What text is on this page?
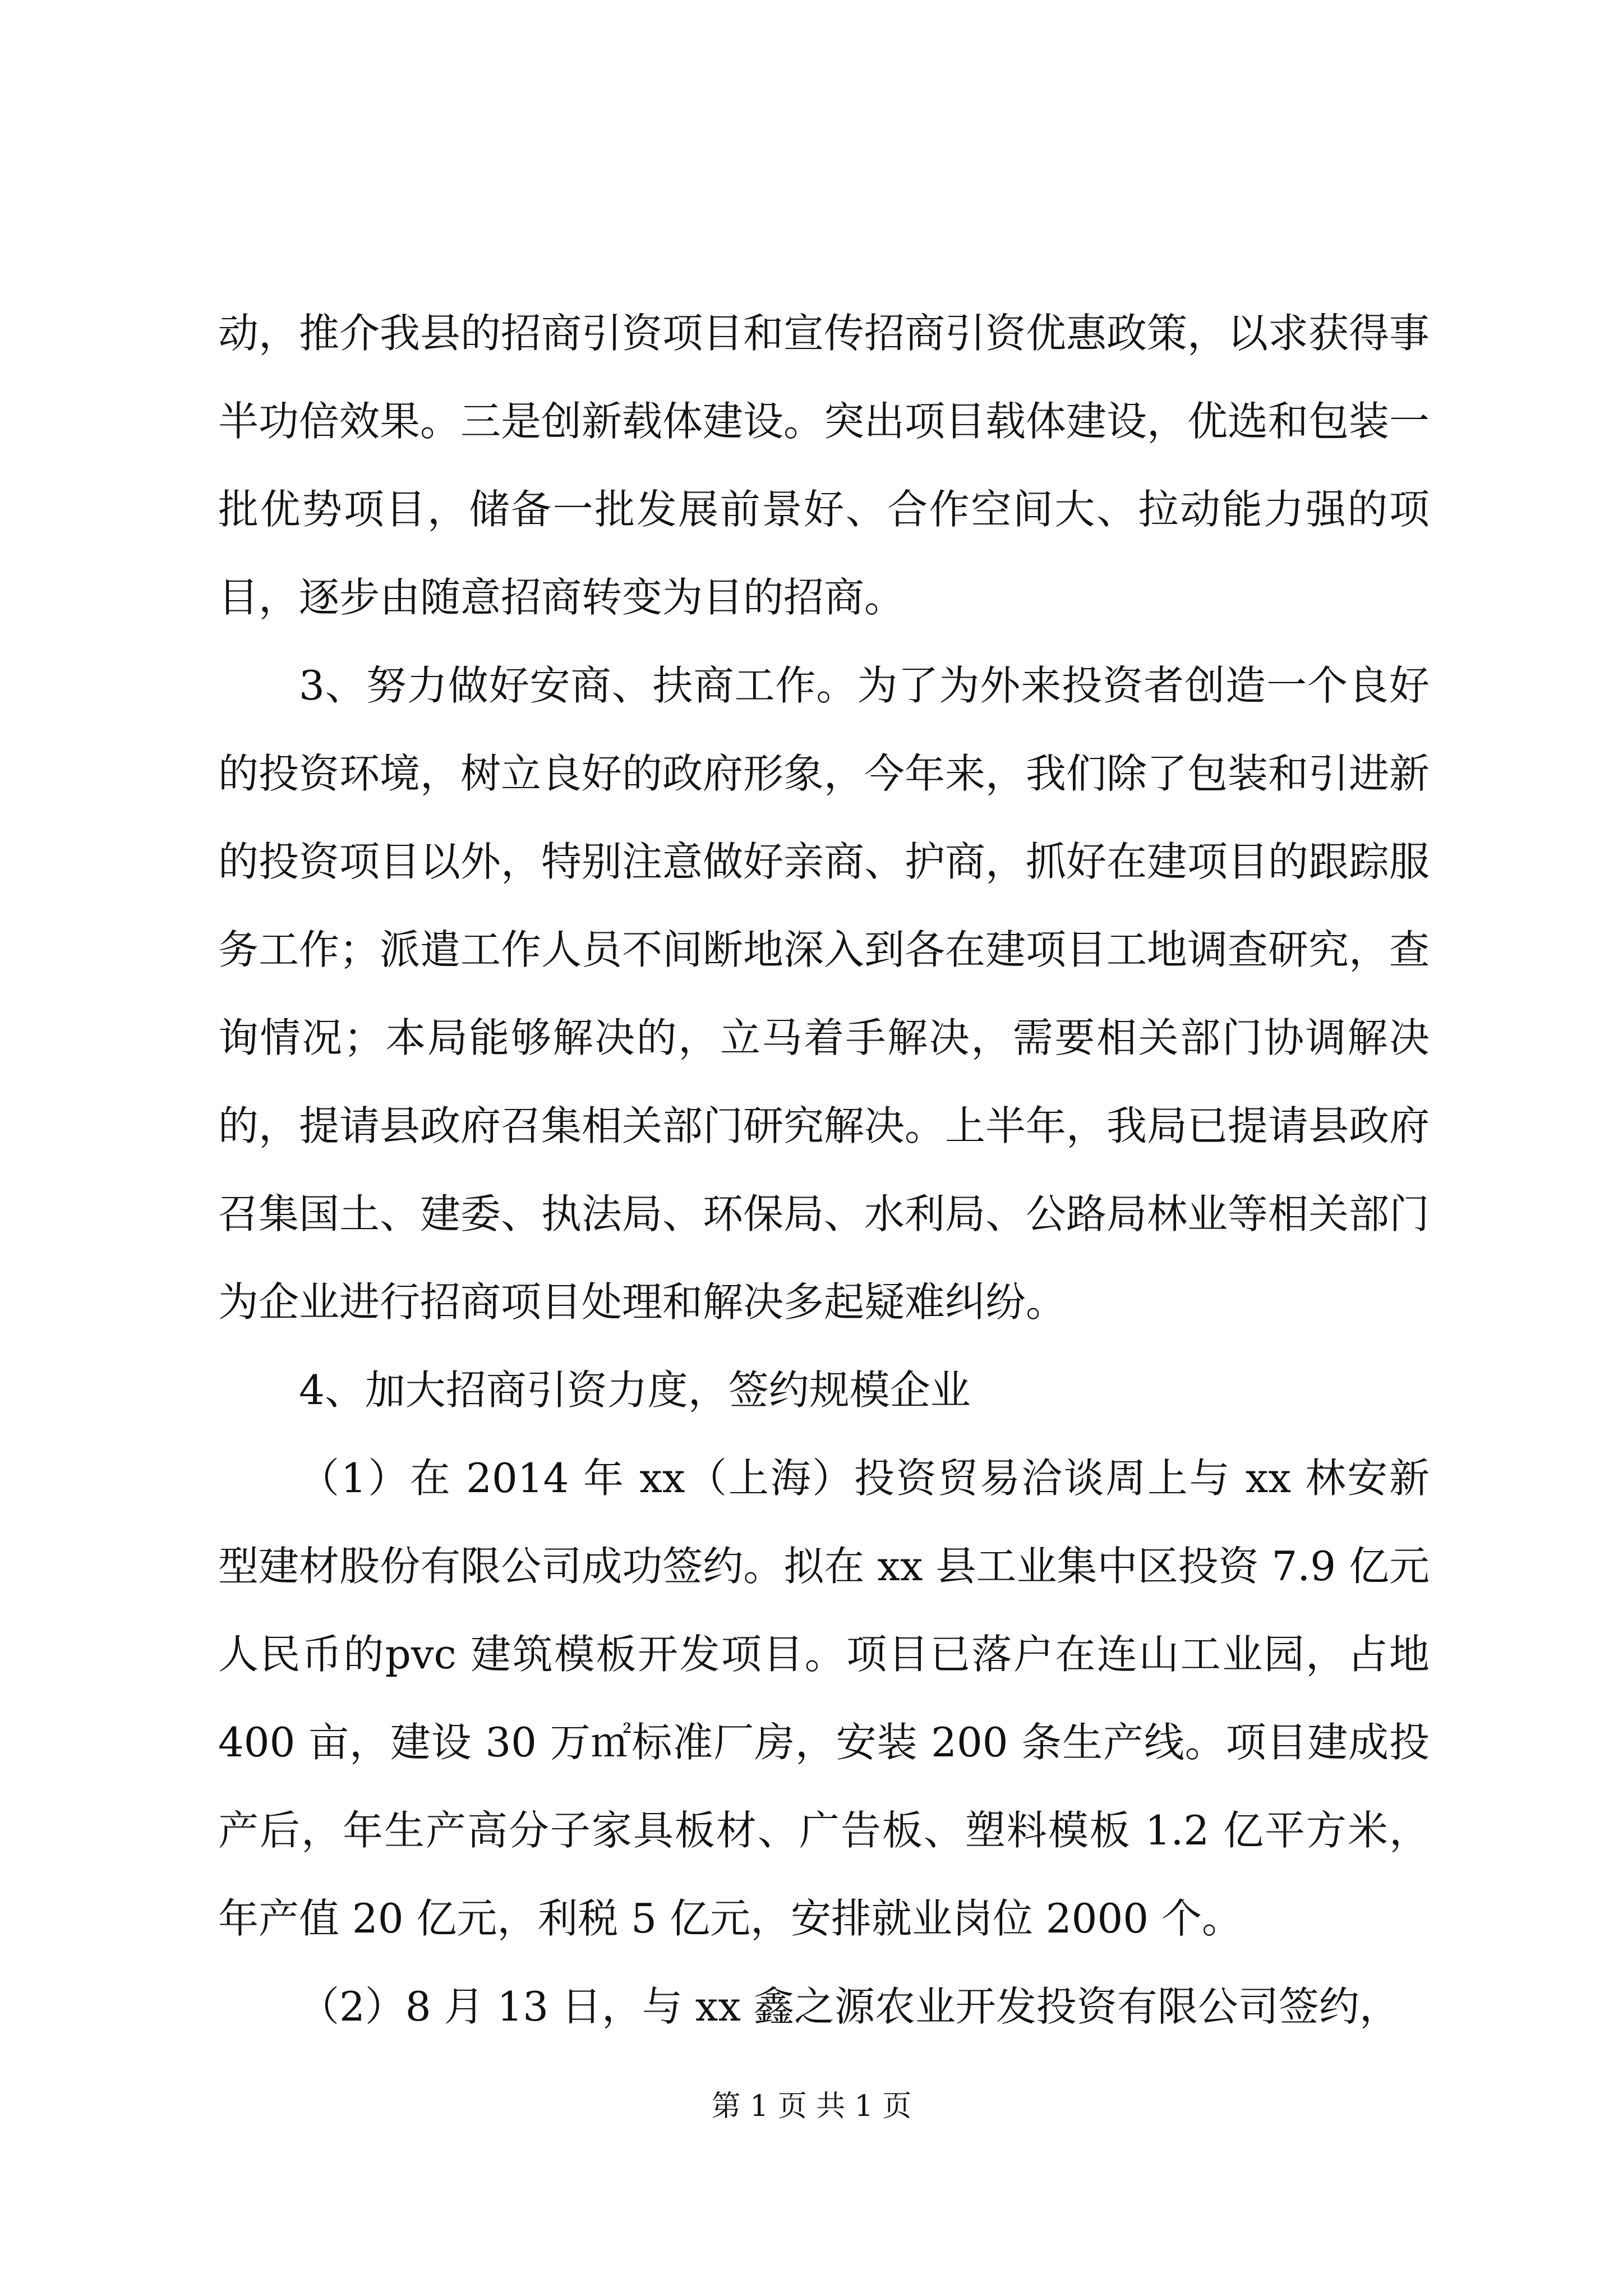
动，推介我县的招商引资项目和宣传招商引资优惠政策，以求获得事半功倍效果。三是创新载体建设。突出项目载体建设，优选和包装一批优势项目，储备一批发展前景好、合作空间大、拉动能力强的项目，逐步由随意招商转变为目的招商。

3、努力做好安商、扶商工作。为了为外来投资者创造一个良好的投资环境，树立良好的政府形象，今年来，我们除了包装和引进新的投资项目以外，特别注意做好亲商、护商，抓好在建项目的跟踪服务工作；派遣工作人员不间断地深入到各在建项目工地调查研究，查询情况；本局能够解决的，立马着手解决，需要相关部门协调解决的，提请县政府召集相关部门研究解决。上半年，我局已提请县政府召集国土、建委、执法局、环保局、水利局、公路局林业等相关部门为企业进行招商项目处理和解决多起疑难纠纷。

4、加大招商引资力度，签约规模企业

（1）在 2014 年 xx（上海）投资贸易洽谈周上与 xx 林安新型建材股份有限公司成功签约。拟在 xx 县工业集中区投资 7.9 亿元人民币的pvc 建筑模板开发项目。项目已落户在连山工业园，占地 400 亩，建设 30 万㎡标准厂房，安装 200 条生产线。项目建成投产后，年生产高分子家具板材、广告板、塑料模板 1.2 亿平方米，年产值 20 亿元，利税 5 亿元，安排就业岗位 2000 个。

（2）8 月 13 日，与 xx 鑫之源农业开发投资有限公司签约，

第 1 页 共 1 页
